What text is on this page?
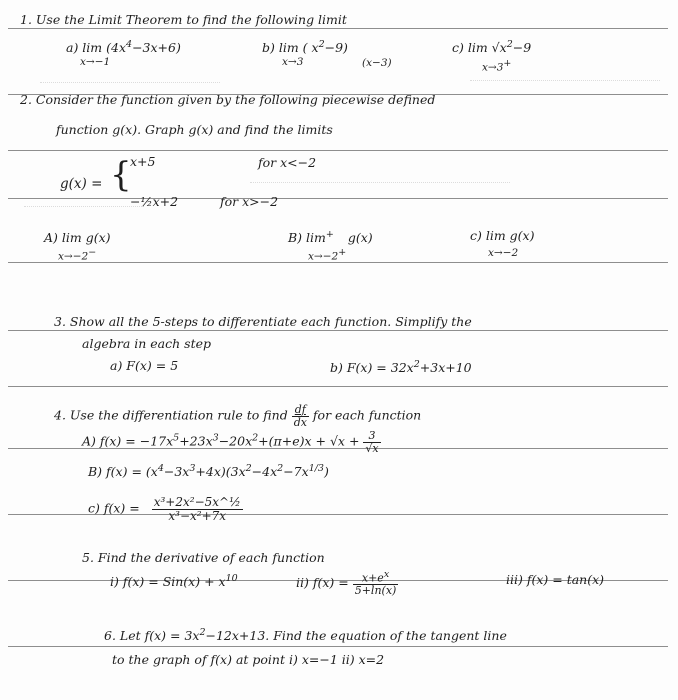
1. Use the Limit Theorem to find the following limit
a) $\lim (4x^4-3x+6)$
x→−1
b) lim ( $x^2-9$)
(x−3)
x→3
c) $\lim √x^2-9$
x→3+
2. Consider the function given by the following piecewise defined
function g(x). Graph g(x) and find the limits
g(x) = {
x+5	for x<−2
−½x+2	for x>−2
A) lim g(x)
x→−2−
B) lim+ g(x)
x→−2+
c) lim g(x)
x→−2
3. Show all the 5-steps to differentiate each function. Simplify the
algebra in each step
a) F(x) = 5	b) $F(x) = 32x^2+3x+10$
4. Use the differentiation rule to find $\frac{df}{dx}$ for each function
A) $f(x) = -17x^5+23x^3-20x^2+(\pi+e)x + √x + \frac{3}{√x}$
B) $f(x) = (x^4-3x^3+4x)(3x^2-4x^2-7x^{1/3})$
c) $f(x) = \frac{\text{x³+2x²−5x\textasciicircum{}½}}{\text{x³−x²+7x}}$
5. Find the derivative of each function
i) $f(x) = Sin(x) + x^{10}$	ii) $f(x) = \frac{x+e^x}{5+\ln(x)}$	iii) f(x) = tan(x)
6. Let $f(x) = 3x^2-12x+13$. Find the equation of the tangent line
to the graph of f(x) at point i) x=−1 ii) x=2
